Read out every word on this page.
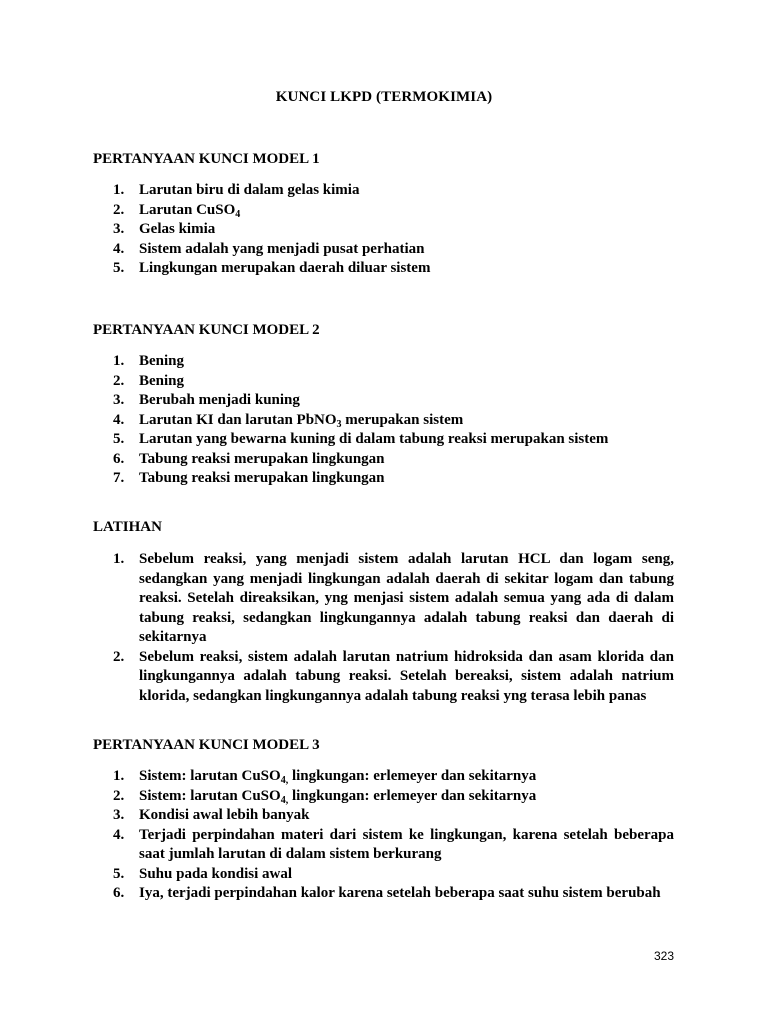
KUNCI LKPD (TERMOKIMIA)
PERTANYAAN KUNCI MODEL 1
1. Larutan biru di dalam gelas kimia
2. Larutan CuSO$_4$
3. Gelas kimia
4. Sistem adalah yang menjadi pusat perhatian
5. Lingkungan merupakan daerah diluar sistem
PERTANYAAN KUNCI MODEL 2
1. Bening
2. Bening
3. Berubah menjadi kuning
4. Larutan KI dan larutan PbNO$_3$ merupakan sistem
5. Larutan yang bewarna kuning di dalam tabung reaksi merupakan sistem
6. Tabung reaksi merupakan lingkungan
7. Tabung reaksi merupakan lingkungan
LATIHAN
1. Sebelum reaksi, yang menjadi sistem adalah larutan HCL dan logam seng, sedangkan yang menjadi lingkungan adalah daerah di sekitar logam dan tabung reaksi. Setelah direaksikan, yng menjasi sistem adalah semua yang ada di dalam tabung reaksi, sedangkan lingkungannya adalah tabung reaksi dan daerah di sekitarnya
2. Sebelum reaksi, sistem adalah larutan natrium hidroksida dan asam klorida dan lingkungannya adalah tabung reaksi. Setelah bereaksi, sistem adalah natrium klorida, sedangkan lingkungannya adalah tabung reaksi yng terasa lebih panas
PERTANYAAN KUNCI MODEL 3
1. Sistem: larutan CuSO$_{4,}$ lingkungan: erlemeyer dan sekitarnya
2. Sistem: larutan CuSO$_{4,}$ lingkungan: erlemeyer dan sekitarnya
3. Kondisi awal lebih banyak
4. Terjadi perpindahan materi dari sistem ke lingkungan, karena setelah beberapa saat jumlah larutan di dalam sistem berkurang
5. Suhu pada kondisi awal
6. Iya, terjadi perpindahan kalor karena setelah beberapa saat suhu sistem berubah
323
